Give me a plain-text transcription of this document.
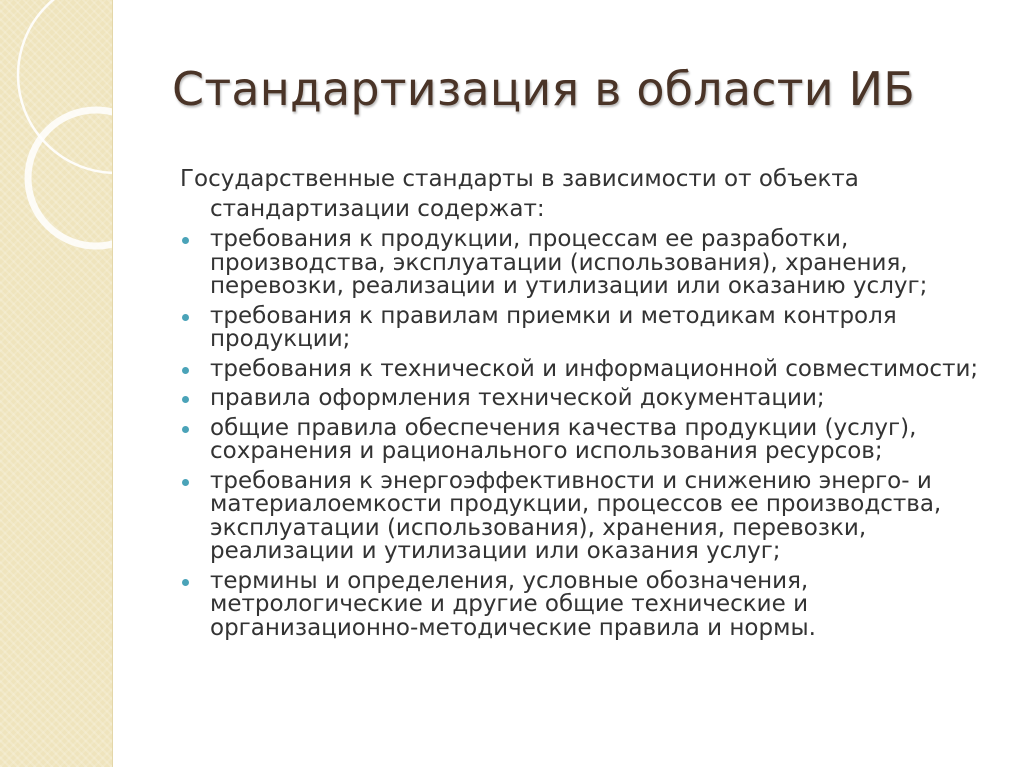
Стандартизация в области ИБ
Государственные стандарты в зависимости от объекта стандартизации содержат:
требования к продукции, процессам ее разработки, производства, эксплуатации (использования), хранения, перевозки, реализации и утилизации или оказанию услуг;
требования к правилам приемки и методикам контроля продукции;
требования к технической и информационной совместимости;
правила оформления технической документации;
общие правила обеспечения качества продукции (услуг), сохранения и рационального использования ресурсов;
требования к энергоэффективности и снижению энерго- и материалоемкости продукции, процессов ее производства, эксплуатации (использования), хранения, перевозки, реализации и утилизации или оказания услуг;
термины и определения, условные обозначения, метрологические и другие общие технические и организационно-методические правила и нормы.
